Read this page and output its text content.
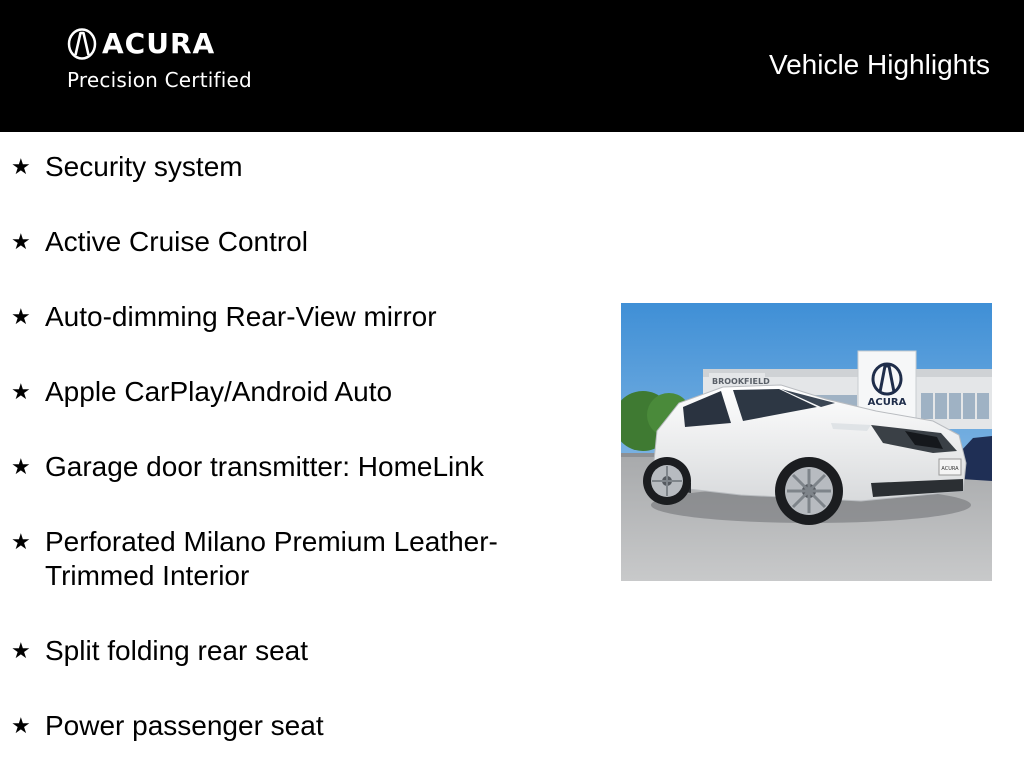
ACURA
Precision Certified	Vehicle Highlights
★ Security system
★ Active Cruise Control
★ Auto-dimming Rear-View mirror
★ Apple CarPlay/Android Auto
★ Garage door transmitter: HomeLink
★ Perforated Milano Premium Leather-Trimmed Interior
★ Split folding rear seat
★ Power passenger seat
BROOKFIELD
ACURA
ACURA
